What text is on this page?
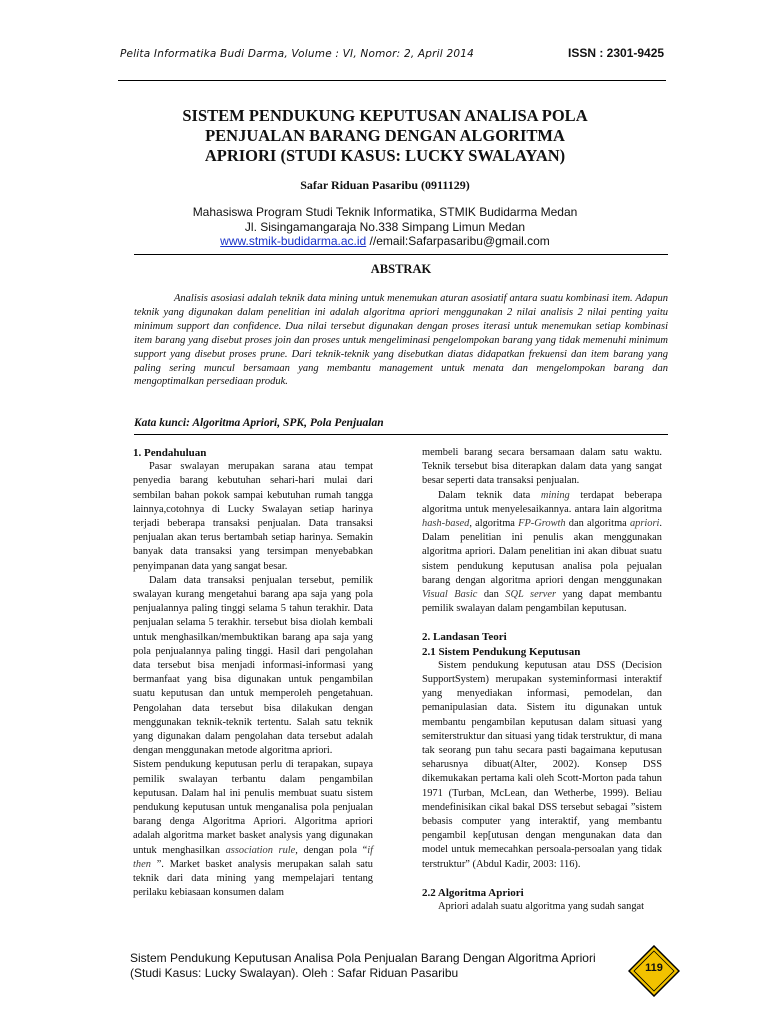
Pelita Informatika Budi Darma, Volume : VI, Nomor: 2, April 2014	ISSN : 2301-9425
SISTEM PENDUKUNG KEPUTUSAN ANALISA POLA
PENJUALAN BARANG DENGAN ALGORITMA
APRIORI (STUDI KASUS: LUCKY SWALAYAN)
Safar Riduan Pasaribu (0911129)
Mahasiswa Program Studi Teknik Informatika, STMIK Budidarma Medan
Jl. Sisingamangaraja No.338 Simpang Limun Medan
www.stmik-budidarma.ac.id //email:Safarpasaribu@gmail.com
ABSTRAK
Analisis asosiasi adalah teknik data mining untuk menemukan aturan asosiatif antara suatu kombinasi item. Adapun teknik yang digunakan dalam penelitian ini adalah algoritma apriori menggunakan 2 nilai analisis 2 nilai penting yaitu minimum support dan confidence. Dua nilai tersebut digunakan dengan proses iterasi untuk menemukan setiap kombinasi item barang yang disebut proses join dan proses untuk mengeliminasi pengelompokan barang yang tidak memenuhi minimum support yang disebut proses prune. Dari teknik-teknik yang disebutkan diatas didapatkan frekuensi dan item barang yang paling sering muncul bersamaan yang membantu management untuk menata dan mengelompokan barang dan mengoptimalkan persediaan produk.
Kata kunci: Algoritma Apriori, SPK, Pola Penjualan

1. Pendahuluan

Pasar swalayan merupakan sarana atau tempat penyedia barang kebutuhan sehari-hari mulai dari sembilan bahan pokok sampai kebutuhan rumah tangga lainnya,cotohnya di Lucky Swalayan setiap harinya terjadi beberapa transaksi penjualan. Data transaksi penjualan akan terus bertambah setiap harinya. Semakin banyak data transaksi yang tersimpan menyebabkan penyimpanan data yang sangat besar.

Dalam data transaksi penjualan tersebut, pemilik swalayan kurang mengetahui barang apa saja yang pola penjualannya paling tinggi selama 5 tahun terakhir. Data penjualan selama 5 terakhir. tersebut bisa diolah kembali untuk menghasilkan/membuktikan barang apa saja yang pola penjualannya paling tinggi. Hasil dari pengolahan data tersebut bisa menjadi informasi-informasi yang bermanfaat yang bisa digunakan untuk pengambilan suatu keputusan dan untuk memperoleh pengetahuan. Pengolahan data tersebut bisa dilakukan dengan menggunakan teknik-teknik tertentu. Salah satu teknik yang digunakan dalam pengolahan data tersebut adalah dengan menggunakan metode algoritma apriori.

Sistem pendukung keputusan perlu di terapakan, supaya pemilik swalayan terbantu dalam pengambilan keputusan. Dalam hal ini penulis membuat suatu sistem pendukung keputusan untuk menganalisa pola penjualan barang denga Algoritma Apriori. Algoritma apriori adalah algoritma market basket analysis yang digunakan untuk menghasilkan association rule, dengan pola “if then ”. Market basket analysis merupakan salah satu teknik dari data mining yang mempelajari tentang perilaku kebiasaan konsumen dalam

membeli barang secara bersamaan dalam satu waktu. Teknik tersebut bisa diterapkan dalam data yang sangat besar seperti data transaksi penjualan.

Dalam teknik data mining terdapat beberapa algoritma untuk menyelesaikannya. antara lain algoritma hash-based, algoritma FP-Growth dan algoritma apriori. Dalam penelitian ini penulis akan menggunakan algoritma apriori. Dalam penelitian ini akan dibuat suatu sistem pendukung keputusan analisa pola pejualan barang dengan algoritma apriori dengan menggunakan Visual Basic dan SQL server yang dapat membantu pemilik swalayan dalam pengambilan keputusan.

2. Landasan Teori

2.1 Sistem Pendukung Keputusan

Sistem pendukung keputusan atau DSS (Decision SupportSystem) merupakan systeminformasi interaktif yang menyediakan informasi, pemodelan, dan pemanipulasian data. Sistem itu digunakan untuk membantu pengambilan keputusan dalam situasi yang semiterstruktur dan situasi yang tidak terstruktur, di mana tak seorang pun tahu secara pasti bagaimana keputusan seharusnya dibuat(Alter, 2002). Konsep DSS dikemukakan pertama kali oleh Scott-Morton pada tahun 1971 (Turban, McLean, dan Wetherbe, 1999). Beliau mendefinisikan cikal bakal DSS tersebut sebagai ”sistem bebasis computer yang interaktif, yang membantu pengambil kep[utusan dengan mengunakan data dan model untuk memecahkan persoala-persoalan yang tidak terstruktur” (Abdul Kadir, 2003: 116).

2.2 Algoritma Apriori

Apriori adalah suatu algoritma yang sudah sangat

Sistem Pendukung Keputusan Analisa Pola Penjualan Barang Dengan Algoritma Apriori
(Studi Kasus: Lucky Swalayan). Oleh : Safar Riduan Pasaribu	119
